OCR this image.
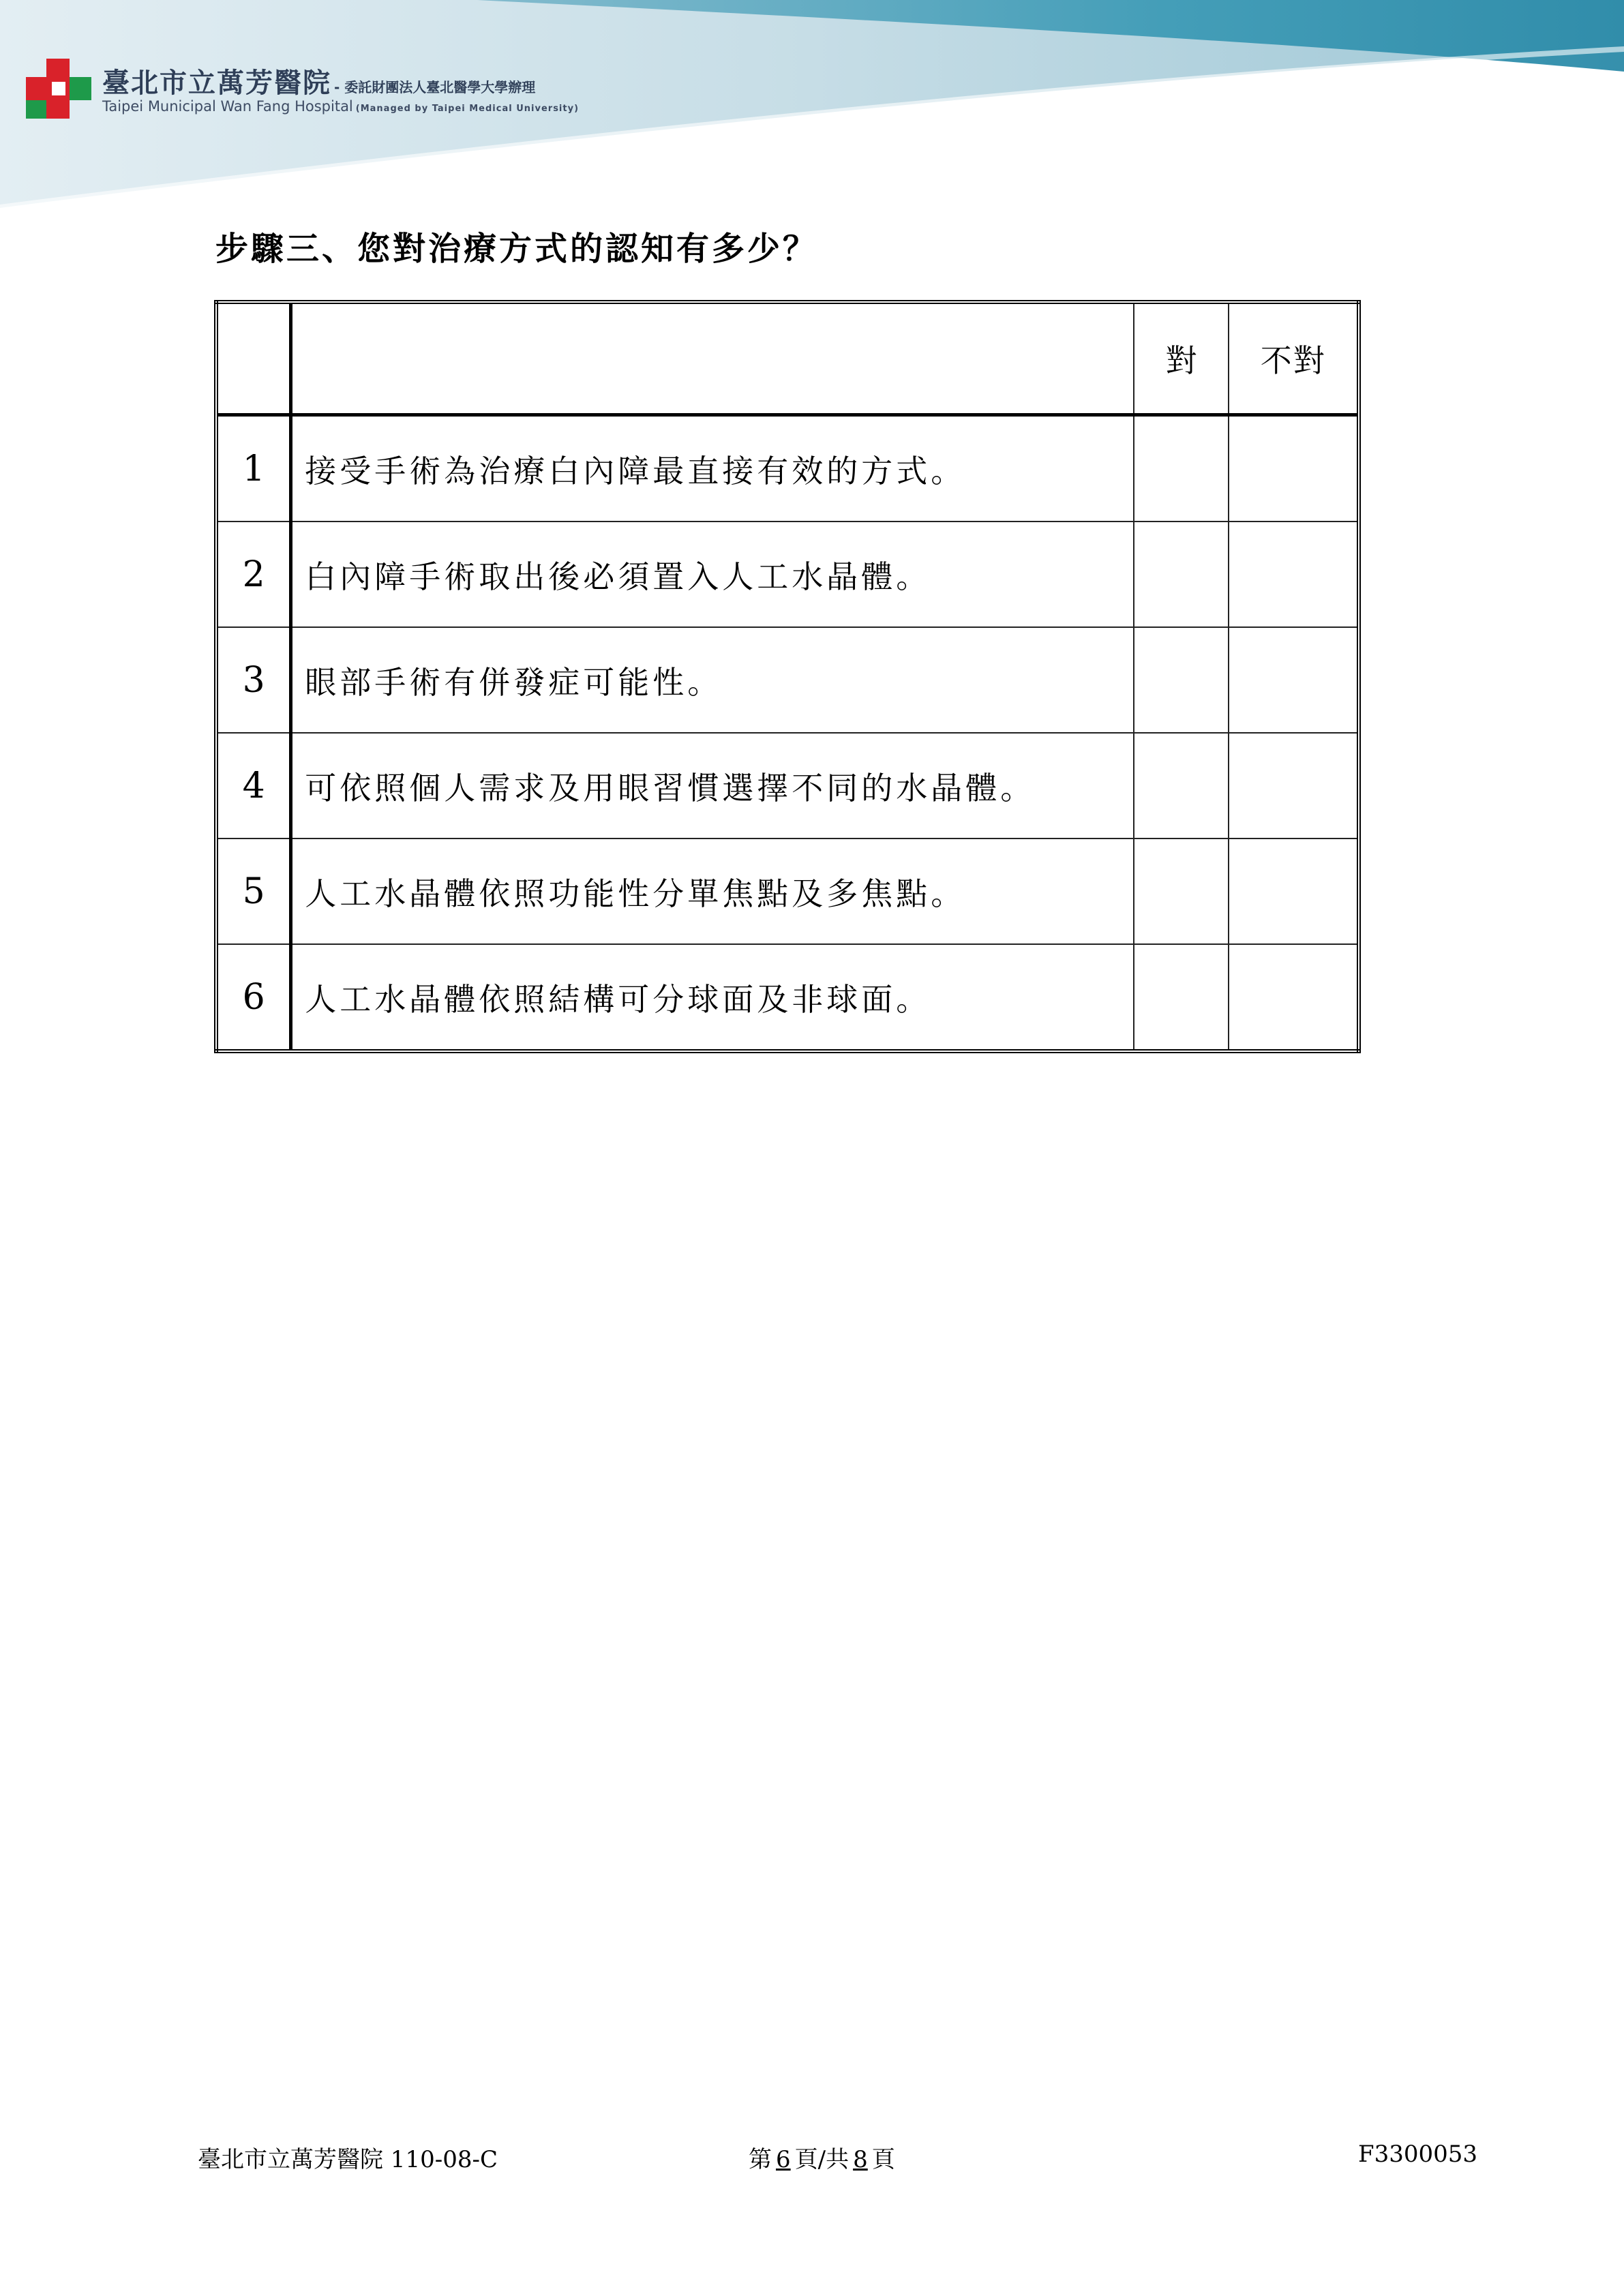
臺北市立萬芳醫院 - 委託財團法人臺北醫學大學辦理
Taipei Municipal Wan Fang Hospital (Managed by Taipei Medical University)
步驟三、您對治療方式的認知有多少？
		對	不對
1	接受手術為治療白內障最直接有效的方式。		
2	白內障手術取出後必須置入人工水晶體。		
3	眼部手術有併發症可能性。		
4	可依照個人需求及用眼習慣選擇不同的水晶體。		
5	人工水晶體依照功能性分單焦點及多焦點。		
6	人工水晶體依照結構可分球面及非球面。		
臺北市立萬芳醫院 110-08-C	第 6 頁/共 8 頁	F3300053
